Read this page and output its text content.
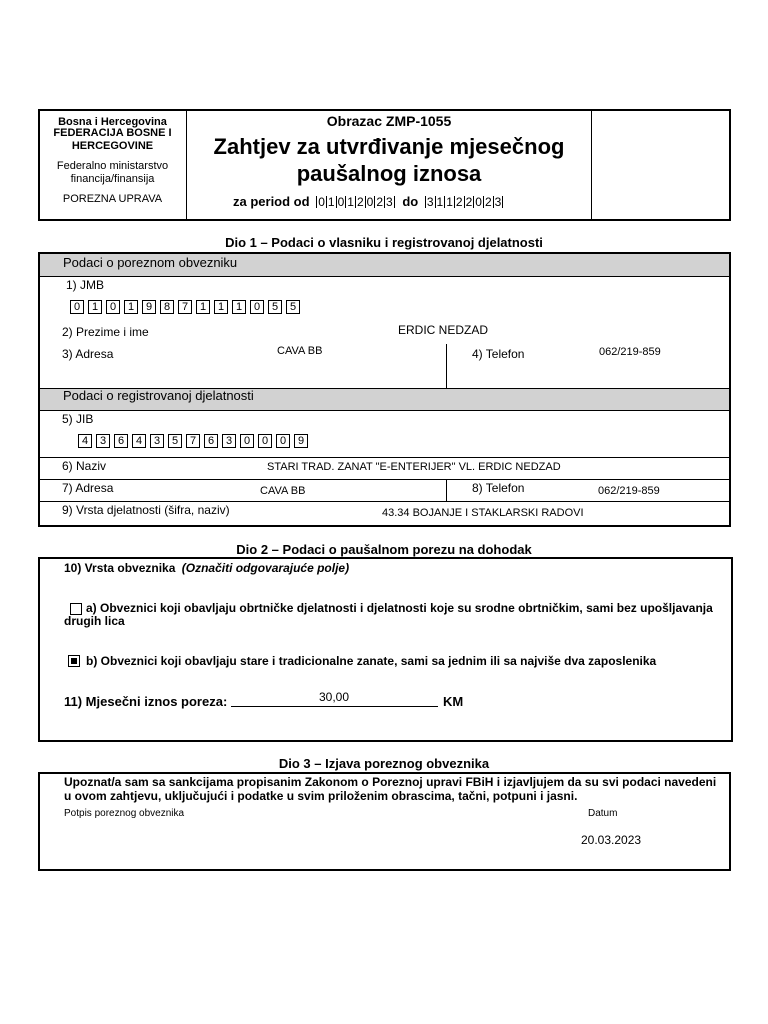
Bosna i Hercegovina
FEDERACIJA BOSNE I HERCEGOVINE
Federalno ministarstvo financija/finansija
POREZNA UPRAVA
Obrazac ZMP-1055
Zahtjev za utvrđivanje mjesečnog
paušalnog iznosa
za period od 0 1 0 1 2 0 2 3 do 3 1 1 2 2 0 2 3
Dio 1 – Podaci o vlasniku i registrovanoj djelatnosti
Podaci o poreznom obvezniku
1) JMB
0	1	0	1	9	8	7	1	1	1	0	5	5
2) Prezime i ime	ERDIC NEDZAD
3) Adresa	CAVA BB	4) Telefon	062/219-859
Podaci o registrovanoj djelatnosti
5) JIB
4	3	6	4	3	5	7	6	3	0	0	0	9
6) Naziv	STARI TRAD. ZANAT "E-ENTERIJER" VL. ERDIC NEDZAD
7) Adresa	CAVA BB	8) Telefon	062/219-859
9) Vrsta djelatnosti (šifra, naziv)	43.34 BOJANJE I STAKLARSKI RADOVI
Dio 2 – Podaci o paušalnom porezu na dohodak
10) Vrsta obveznika (Označiti odgovarajuće polje)
a) Obveznici koji obavljaju obrtničke djelatnosti i djelatnosti koje su srodne obrtničkim, sami bez upošljavanja drugih lica
b) Obveznici koji obavljaju stare i tradicionalne zanate, sami sa jednim ili sa najviše dva zaposlenika
11) Mjesečni iznos poreza:	30,00	KM
Dio 3 – Izjava poreznog obveznika
Upoznat/a sam sa sankcijama propisanim Zakonom o Poreznoj upravi FBiH i izjavljujem da su svi podaci navedeni u ovom zahtjevu, uključujući i podatke u svim priloženim obrascima, tačni, potpuni i jasni.
Potpis poreznog obveznika	Datum
20.03.2023
